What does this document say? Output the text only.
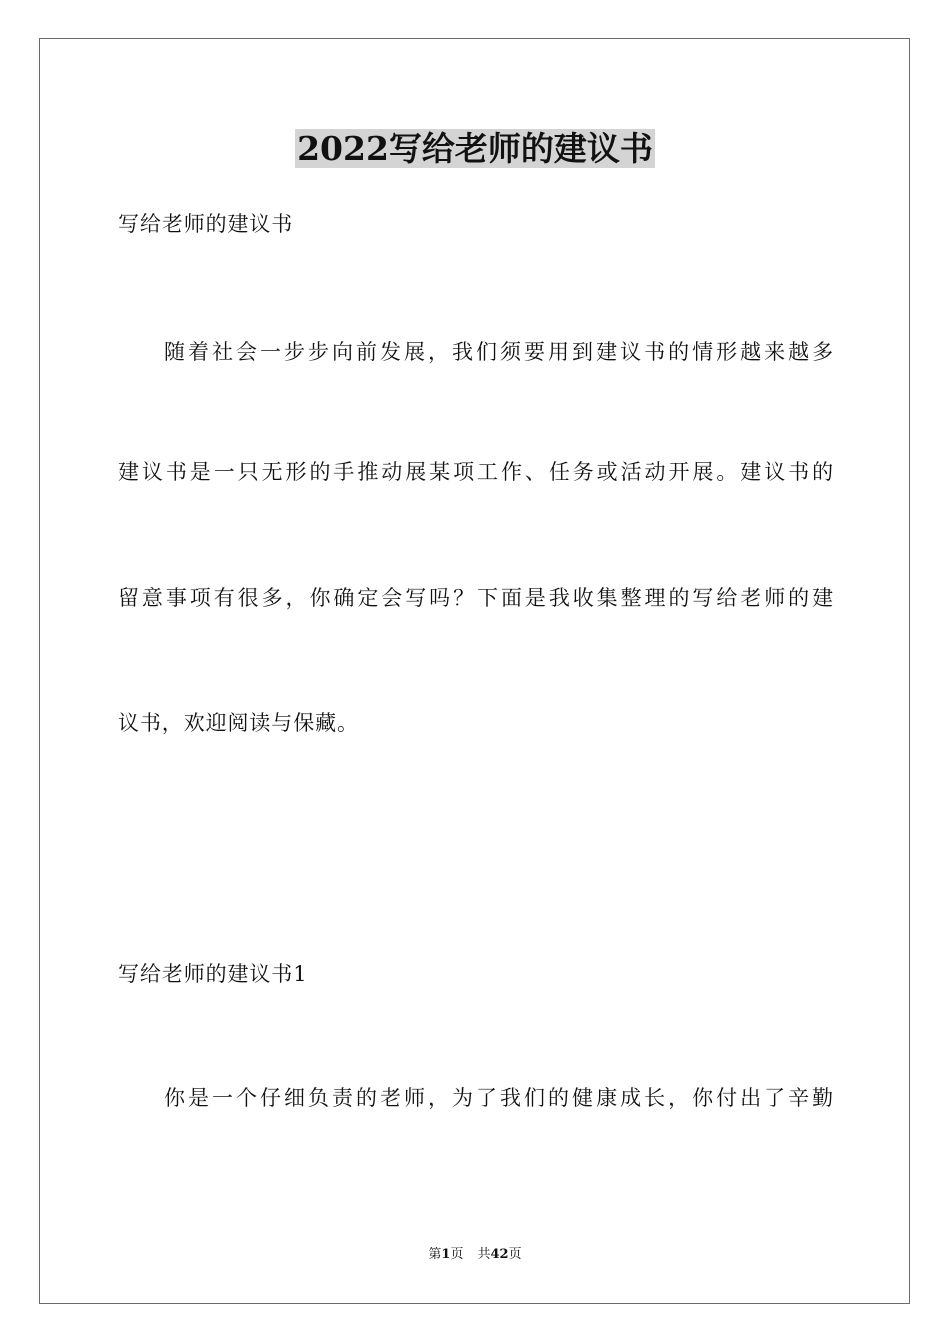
2022写给老师的建议书
写给老师的建议书
随着社会一步步向前发展，我们须要用到建议书的情形越来越多
建议书是一只无形的手推动展某项工作、任务或活动开展。建议书的
留意事项有很多，你确定会写吗？下面是我收集整理的写给老师的建
议书，欢迎阅读与保藏。
写给老师的建议书1
你是一个仔细负责的老师，为了我们的健康成长，你付出了辛勤
第1页 共42页
